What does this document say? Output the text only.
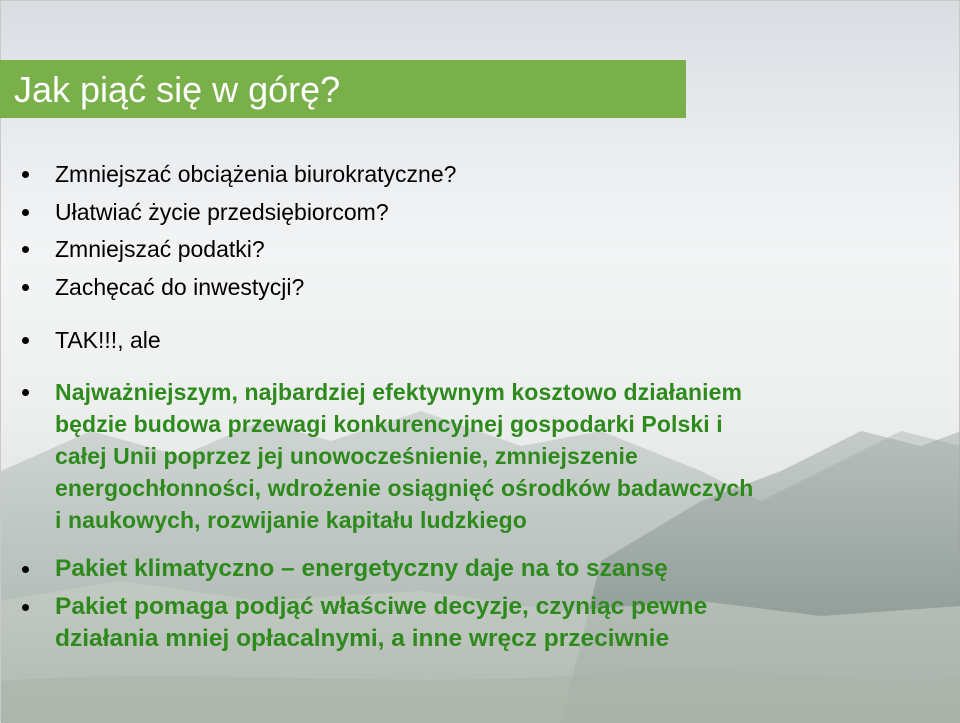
Jak piąć się w górę?
Zmniejszać obciążenia biurokratyczne?
Ułatwiać życie przedsiębiorcom?
Zmniejszać podatki?
Zachęcać do inwestycji?
TAK!!!, ale
Najważniejszym, najbardziej efektywnym kosztowo działaniem
będzie budowa przewagi konkurencyjnej gospodarki Polski i
całej Unii poprzez jej unowocześnienie, zmniejszenie
energochłonności, wdrożenie osiągnięć ośrodków badawczych
i naukowych, rozwijanie kapitału ludzkiego
Pakiet klimatyczno – energetyczny daje na to szansę
Pakiet pomaga podjąć właściwe decyzje, czyniąc pewne
działania mniej opłacalnymi, a inne wręcz przeciwnie
